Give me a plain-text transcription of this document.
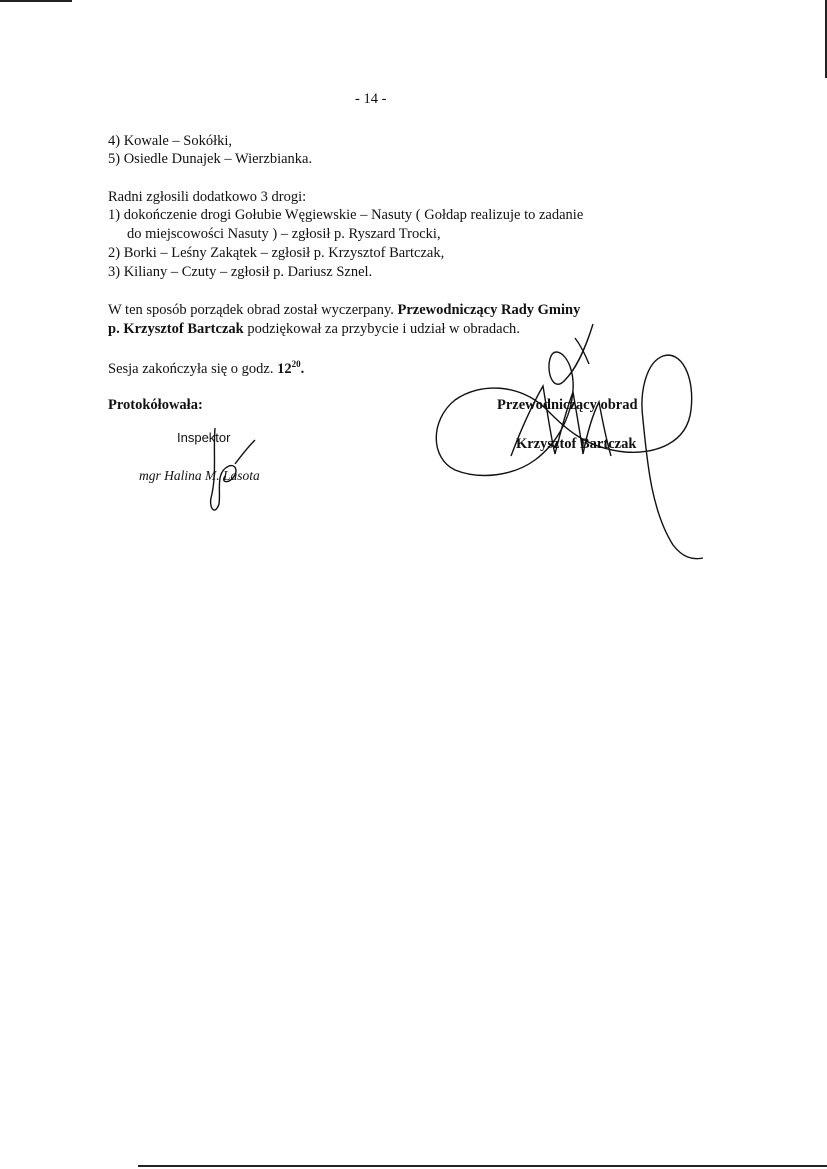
- 14 -
4) Kowale – Sokółki,
5) Osiedle Dunajek – Wierzbianka.
Radni zgłosili dodatkowo 3 drogi:
1) dokończenie drogi Gołubie Węgiewskie – Nasuty ( Gołdap realizuje to zadanie
do miejscowości Nasuty ) – zgłosił p. Ryszard Trocki,
2) Borki – Leśny Zakątek – zgłosił p. Krzysztof Bartczak,
3) Kiliany – Czuty – zgłosił p. Dariusz Sznel.
W ten sposób porządek obrad został wyczerpany. Przewodniczący Rady Gminy
p. Krzysztof Bartczak podziękował za przybycie i udział w obradach.
Sesja zakończyła się o godz. $12^{20}$.
Protokółowała:
Inspektor
mgr Halina M. Lasota
Przewodniczący obrad
Krzysztof Bartczak
